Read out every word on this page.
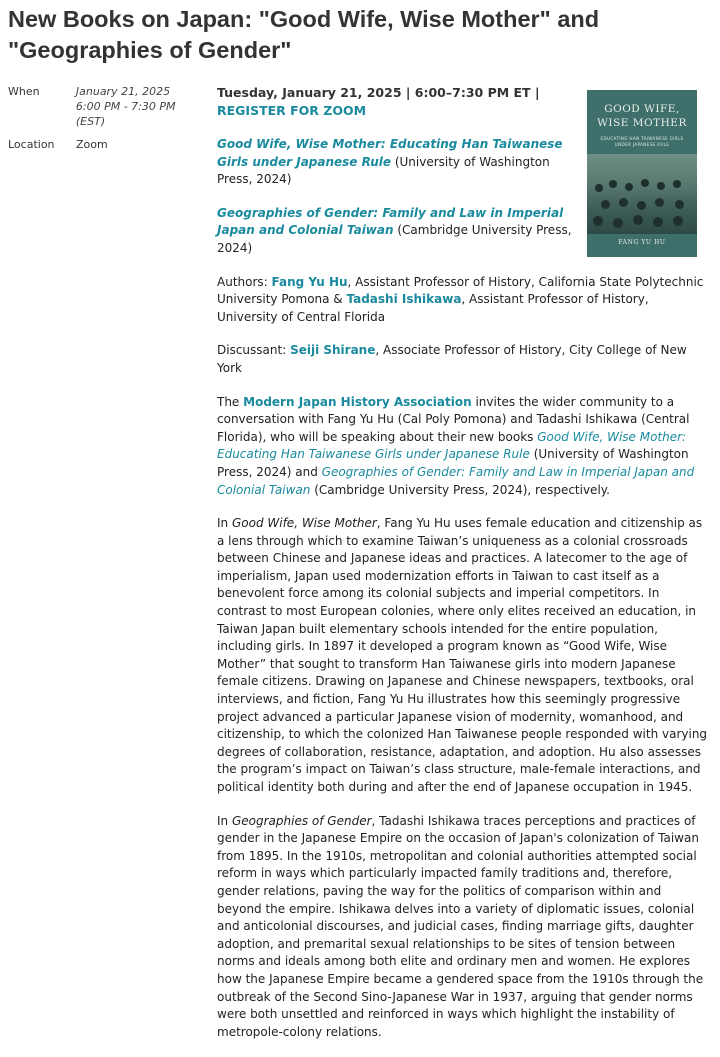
New Books on Japan: "Good Wife, Wise Mother" and "Geographies of Gender"
When	January 21, 2025
6:00 PM - 7:30 PM (EST)
Location	Zoom
GOOD WIFE,
WISE MOTHER
EDUCATING HAN TAIWANESE GIRLS UNDER JAPANESE RULE
FANG YU HU

Tuesday, January 21, 2025 | 6:00–7:30 PM ET | REGISTER FOR ZOOM

Good Wife, Wise Mother: Educating Han Taiwanese Girls under Japanese Rule (University of Washington Press, 2024)

Geographies of Gender: Family and Law in Imperial Japan and Colonial Taiwan (Cambridge University Press, 2024)

Authors: Fang Yu Hu, Assistant Professor of History, California State Polytechnic University Pomona & Tadashi Ishikawa, Assistant Professor of History, University of Central Florida

Discussant: Seiji Shirane, Associate Professor of History, City College of New York

The Modern Japan History Association invites the wider community to a conversation with Fang Yu Hu (Cal Poly Pomona) and Tadashi Ishikawa (Central Florida), who will be speaking about their new books Good Wife, Wise Mother: Educating Han Taiwanese Girls under Japanese Rule (University of Washington Press, 2024) and Geographies of Gender: Family and Law in Imperial Japan and Colonial Taiwan (Cambridge University Press, 2024), respectively.

In Good Wife, Wise Mother, Fang Yu Hu uses female education and citizenship as a lens through which to examine Taiwan’s uniqueness as a colonial crossroads between Chinese and Japanese ideas and practices. A latecomer to the age of imperialism, Japan used modernization efforts in Taiwan to cast itself as a benevolent force among its colonial subjects and imperial competitors. In contrast to most European colonies, where only elites received an education, in Taiwan Japan built elementary schools intended for the entire population, including girls. In 1897 it developed a program known as “Good Wife, Wise Mother” that sought to transform Han Taiwanese girls into modern Japanese female citizens. Drawing on Japanese and Chinese newspapers, textbooks, oral interviews, and fiction, Fang Yu Hu illustrates how this seemingly progressive project advanced a particular Japanese vision of modernity, womanhood, and citizenship, to which the colonized Han Taiwanese people responded with varying degrees of collaboration, resistance, adaptation, and adoption. Hu also assesses the program’s impact on Taiwan’s class structure, male-female interactions, and political identity both during and after the end of Japanese occupation in 1945.

In Geographies of Gender, Tadashi Ishikawa traces perceptions and practices of gender in the Japanese Empire on the occasion of Japan's colonization of Taiwan from 1895. In the 1910s, metropolitan and colonial authorities attempted social reform in ways which particularly impacted family traditions and, therefore, gender relations, paving the way for the politics of comparison within and beyond the empire. Ishikawa delves into a variety of diplomatic issues, colonial and anticolonial discourses, and judicial cases, finding marriage gifts, daughter adoption, and premarital sexual relationships to be sites of tension between norms and ideals among both elite and ordinary men and women. He explores how the Japanese Empire became a gendered space from the 1910s through the outbreak of the Second Sino-Japanese War in 1937, arguing that gender norms were both unsettled and reinforced in ways which highlight the instability of metropole-colony relations.
